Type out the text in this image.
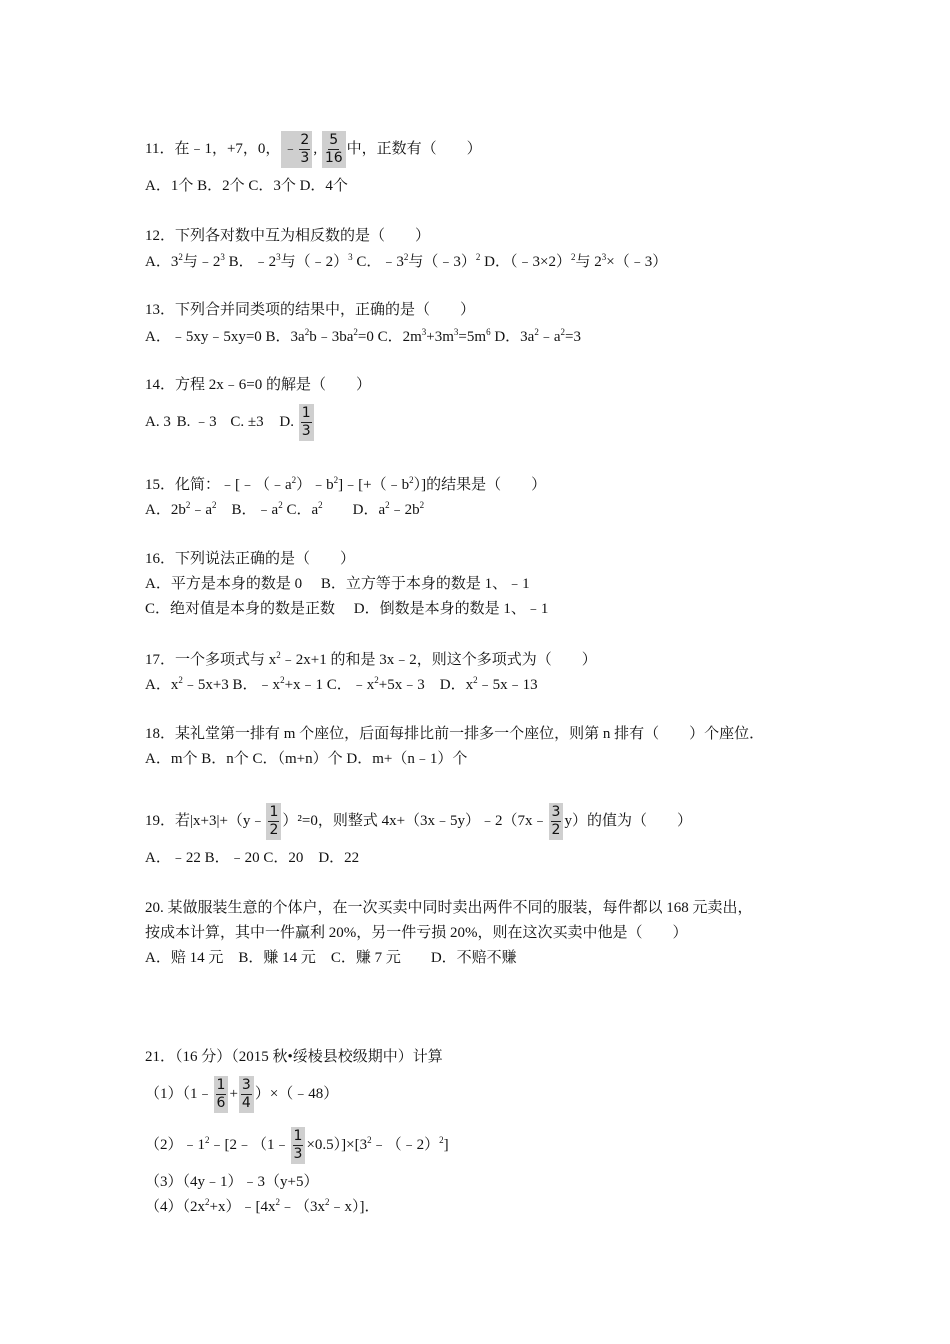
11．在﹣1，+7，0， ﹣ $\frac{2}{3}$ , $\frac{5}{16}$ 中，正数有（　　）
A．1个 B．2个 C．3个 D．4个
12．下列各对数中互为相反数的是（　　）
A．$3^2$与$﹣2^3$ B．$﹣2^3$与（﹣2）$^3$ C．$﹣3^2$与（﹣3）$^2$ D．（﹣3×2）$^2$与 $2^3\times(﹣3)$
13．下列合并同类项的结果中，正确的是（　　）
A．﹣5xy﹣5xy=0 B．$3a^2b﹣3ba^2=0$ C．$2m^3+3m^3=5m^6$ D．$3a^2﹣a^2=3$
14．方程 2x﹣6=0 的解是（　　）
A. 3 B. ﹣3 C. ±3 D. $\frac{1}{3}$
15．化简：$﹣[﹣(﹣a^2)﹣b^2]﹣[+(﹣b^2)]$的结果是（　　）
A．$2b^2﹣a^2$　B．$﹣a^2$ C．$a^2$　　D．$a^2﹣2b^2$
16．下列说法正确的是（　　）
A．平方是本身的数是 0　 B．立方等于本身的数是 1、﹣1
C．绝对值是本身的数是正数　 D．倒数是本身的数是 1、﹣1
17．一个多项式与 $x^2﹣2x+1$ 的和是 3x﹣2，则这个多项式为（　　）
A．$x^2﹣5x+3$ B．$﹣x^2+x﹣1$ C．$﹣x^2+5x﹣3$　D．$x^2﹣5x﹣13$
18．某礼堂第一排有 m 个座位，后面每排比前一排多一个座位，则第 n 排有（　　）个座位．
A．m个 B．n个 C．（m+n）个 D．m+（n﹣1）个
19．若|x+3|+（y﹣ $\frac{1}{2} )^2=0$，则整式 4x+（3x﹣5y）﹣2（7x﹣ $\frac{3}{2} y$）的值为（　　）
A．﹣22 B．﹣20 C．20　D．22
20. 某做服装生意的个体户，在一次买卖中同时卖出两件不同的服装，每件都以 168 元卖出，
按成本计算，其中一件赢利 20%，另一件亏损 20%，则在这次买卖中他是（　　）
A．赔 14 元　B．赚 14 元　C．赚 7 元　　D．不赔不赚
21．（16 分）（2015 秋•绥棱县校级期中）计算
（1）（1﹣ $\frac{1}{6} + \frac{3}{4}$ ）×（﹣48）
$(2)﹣1^2﹣[2﹣(1﹣ \frac{1}{3}$ $\times 0.5)]\times[3^2﹣(﹣2)^2]$
（3）（4y﹣1）﹣3（y+5）
$(4)(2x^2+x)﹣[4x^2﹣(3x^2﹣x)]$．
